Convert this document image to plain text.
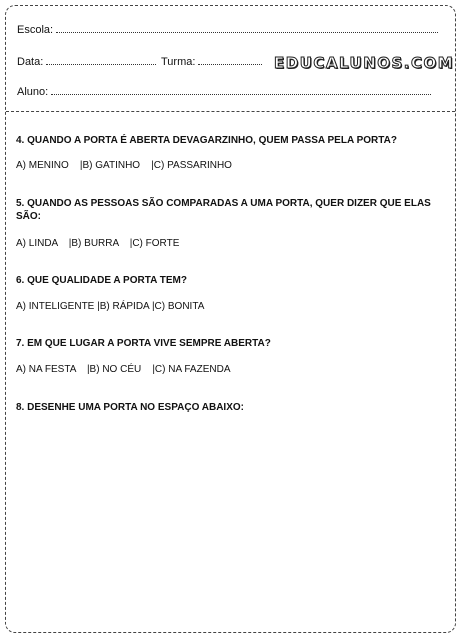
Escola:
Data:	Turma:	EDUCALUNOS.COM
Aluno:
4. QUANDO A PORTA É ABERTA DEVAGARZINHO, QUEM PASSA PELA PORTA?
A) MENINO    |B) GATINHO    |C) PASSARINHO
5. QUANDO AS PESSOAS SÃO COMPARADAS A UMA PORTA, QUER DIZER QUE ELAS SÃO:
A) LINDA    |B) BURRA    |C) FORTE
6. QUE QUALIDADE A PORTA TEM?
A) INTELIGENTE |B) RÁPIDA |C) BONITA
7. EM QUE LUGAR A PORTA VIVE SEMPRE ABERTA?
A) NA FESTA    |B) NO CÉU    |C) NA FAZENDA
8. DESENHE UMA PORTA NO ESPAÇO ABAIXO:
